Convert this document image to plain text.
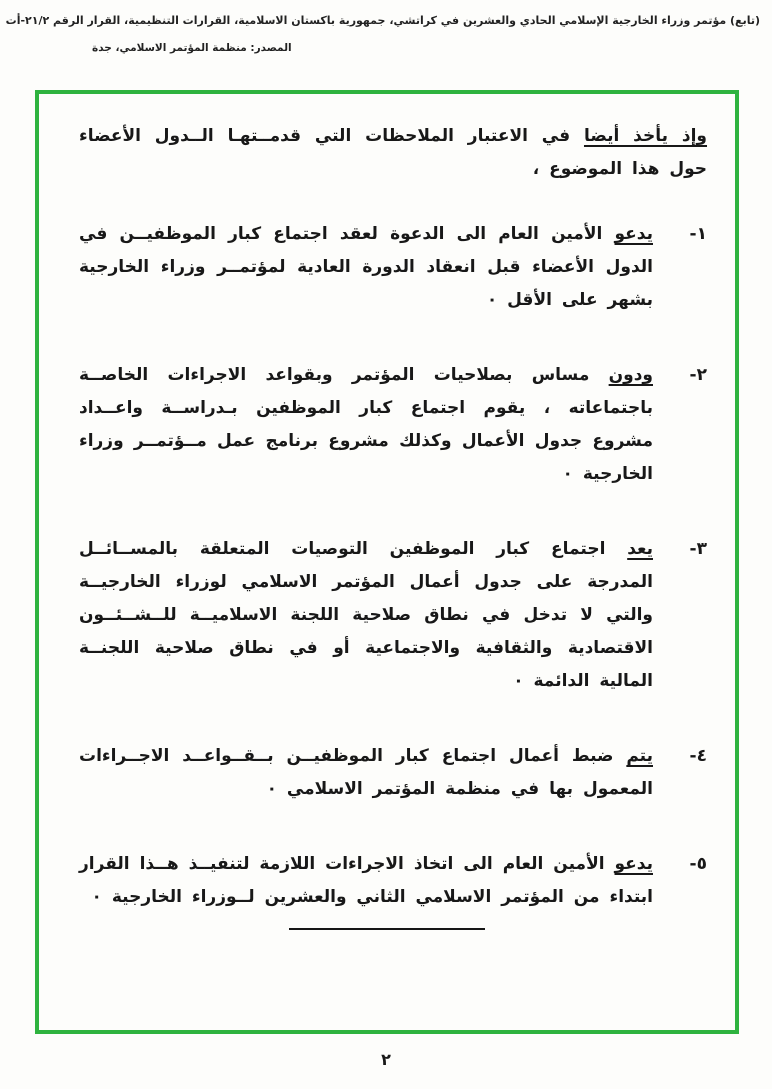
(تابع) مؤتمر وزراء الخارجية الإسلامي الحادي والعشرين في كراتشي، جمهورية باكستان الاسلامية، القرارات التنظيمية، القرار الرقم ٢١/٢-أت
المصدر: منظمة المؤتمر الاسلامي، جدة

وإذ يأخذ أيضا في الاعتبار الملاحظات التي قدمــتهـا الــدول الأعضاء حول هذا الموضوع ،

١-

يدعو الأمين العام الى الدعوة لعقد اجتماع كبار الموظفيــن في الدول الأعضاء قبل انعقاد الدورة العادية لمؤتمــر وزراء الخارجية بشهر على الأقل ٠

٢-

ودون مساس بصلاحيات المؤتمر وبقواعد الاجراءات الخاصــة باجتماعاته ، يقوم اجتماع كبار الموظفين بـدراســة واعــداد مشروع جدول الأعمال وكذلك مشروع برنامج عمل مــؤتمــر وزراء الخارجية ٠

٣-

يعد اجتماع كبار الموظفين التوصيات المتعلقة بالمســائــل المدرجة على جدول أعمال المؤتمر الاسلامي لوزراء الخارجيــة والتي لا تدخل في نطاق صلاحية اللجنة الاسلاميــة للــشــئــون الاقتصادية والثقافية والاجتماعية أو في نطاق صلاحية اللجنــة المالية الدائمة ٠

٤-

يتم ضبط أعمال اجتماع كبار الموظفيــن بــقــواعــد الاجــراءات المعمول بها في منظمة المؤتمر الاسلامي ٠

٥-

يدعو الأمين العام الى اتخاذ الاجراءات اللازمة لتنفيــذ هــذا القرار ابتداء من المؤتمر الاسلامي الثاني والعشرين لــوزراء الخارجية ٠

٢
